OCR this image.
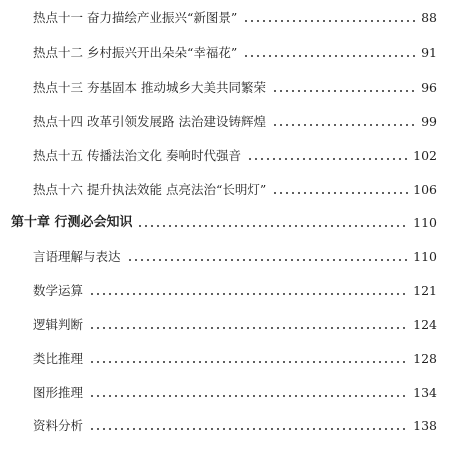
热点十一 奋力描绘产业振兴“新图景”	88
热点十二 乡村振兴开出朵朵“幸福花”	91
热点十三 夯基固本 推动城乡大美共同繁荣	96
热点十四 改革引领发展路 法治建设铸辉煌	99
热点十五 传播法治文化 奏响时代强音	102
热点十六 提升执法效能 点亮法治“长明灯”	106
第十章 行测必会知识	110
言语理解与表达	110
数学运算	121
逻辑判断	124
类比推理	128
图形推理	134
资料分析	138
